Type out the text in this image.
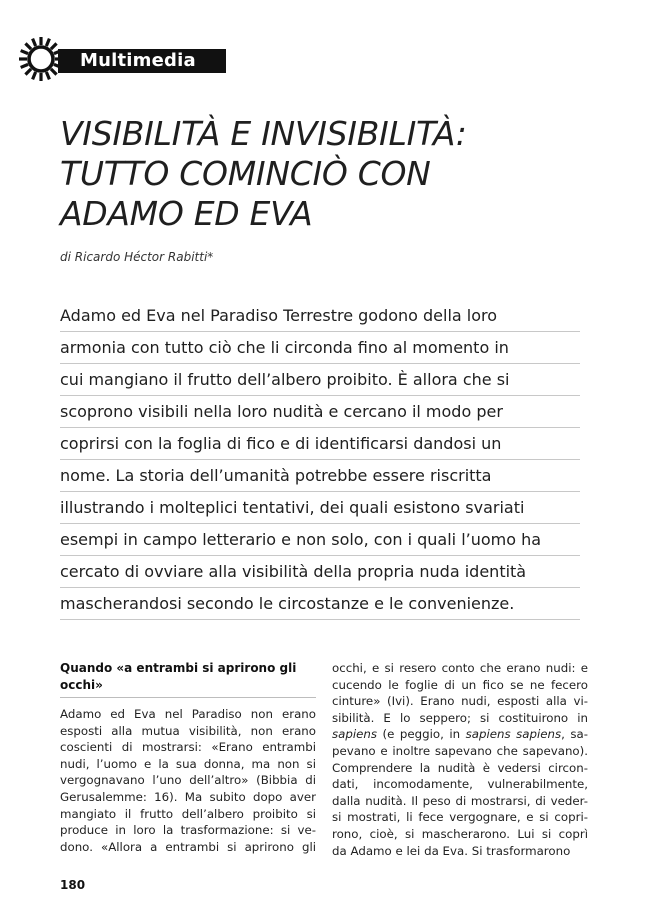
Multimedia
VISIBILITÀ E INVISIBILITÀ:
TUTTO COMINCIÒ CON
ADAMO ED EVA
di Ricardo Héctor Rabitti*
Adamo ed Eva nel Paradiso Terrestre godono della loro
armonia con tutto ciò che li circonda fino al momento in
cui mangiano il frutto dell’albero proibito. È allora che si
scoprono visibili nella loro nudità e cercano il modo per
coprirsi con la foglia di fico e di identificarsi dandosi un
nome. La storia dell’umanità potrebbe essere riscritta
illustrando i molteplici tentativi, dei quali esistono svariati
esempi in campo letterario e non solo, con i quali l’uomo ha
cercato di ovviare alla visibilità della propria nuda identità
mascherandosi secondo le circostanze e le convenienze.
Quando «a entrambi si aprirono gli
occhi»
Adamo ed Eva nel Paradiso non erano
esposti alla mutua visibilità, non erano
coscienti di mostrarsi: «Erano entrambi
nudi, l’uomo e la sua donna, ma non si
vergognavano l’uno dell’altro» (Bibbia di
Gerusalemme: 16). Ma subito dopo aver
mangiato il frutto dell’albero proibito si
produce in loro la trasformazione: si ve-
dono. «Allora a entrambi si aprirono gli
occhi, e si resero conto che erano nudi: e
cucendo le foglie di un fico se ne fecero
cinture» (Ivi). Erano nudi, esposti alla vi-
sibilità. E lo seppero; si costituirono in
sapiens (e peggio, in sapiens sapiens, sa-
pevano e inoltre sapevano che sapevano).
Comprendere la nudità è vedersi circon-
dati, incomodamente, vulnerabilmente,
dalla nudità. Il peso di mostrarsi, di veder-
si mostrati, li fece vergognare, e si copri-
rono, cioè, si mascherarono. Lui si coprì
da Adamo e lei da Eva. Si trasformarono
180
